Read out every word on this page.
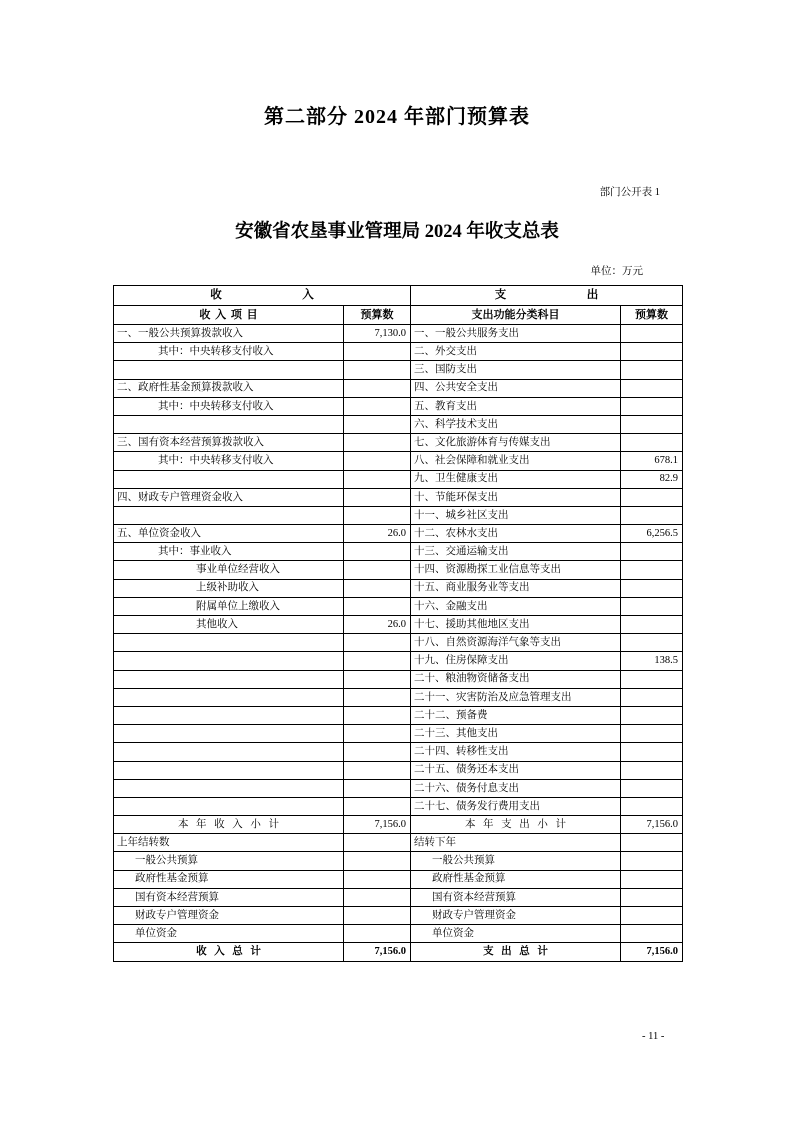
第二部分 2024 年部门预算表
部门公开表 1
安徽省农垦事业管理局 2024 年收支总表
单位：万元
收　　　　　　　入		支　　　　　　　出	
收 入 项 目	预算数	支出功能分类科目	预算数
一、一般公共预算拨款收入	7,130.0	一、一般公共服务支出	
其中：中央转移支付收入		二、外交支出	
		三、国防支出	
二、政府性基金预算拨款收入		四、公共安全支出	
其中：中央转移支付收入		五、教育支出	
		六、科学技术支出	
三、国有资本经营预算拨款收入		七、文化旅游体育与传媒支出	
其中：中央转移支付收入		八、社会保障和就业支出	678.1
		九、卫生健康支出	82.9
四、财政专户管理资金收入		十、节能环保支出	
		十一、城乡社区支出	
五、单位资金收入	26.0	十二、农林水支出	6,256.5
其中：事业收入		十三、交通运输支出	
事业单位经营收入		十四、资源勘探工业信息等支出	
上级补助收入		十五、商业服务业等支出	
附属单位上缴收入		十六、金融支出	
其他收入	26.0	十七、援助其他地区支出	
		十八、自然资源海洋气象等支出	
		十九、住房保障支出	138.5
		二十、粮油物资储备支出	
		二十一、灾害防治及应急管理支出	
		二十二、预备费	
		二十三、其他支出	
		二十四、转移性支出	
		二十五、债务还本支出	
		二十六、债务付息支出	
		二十七、债务发行费用支出	
本 年 收 入 小 计	7,156.0	本 年 支 出 小 计	7,156.0
上年结转数		结转下年	
一般公共预算		一般公共预算	
政府性基金预算		政府性基金预算	
国有资本经营预算		国有资本经营预算	
财政专户管理资金		财政专户管理资金	
单位资金		单位资金	
收 入 总 计	7,156.0	支 出 总 计	7,156.0
- 11 -
